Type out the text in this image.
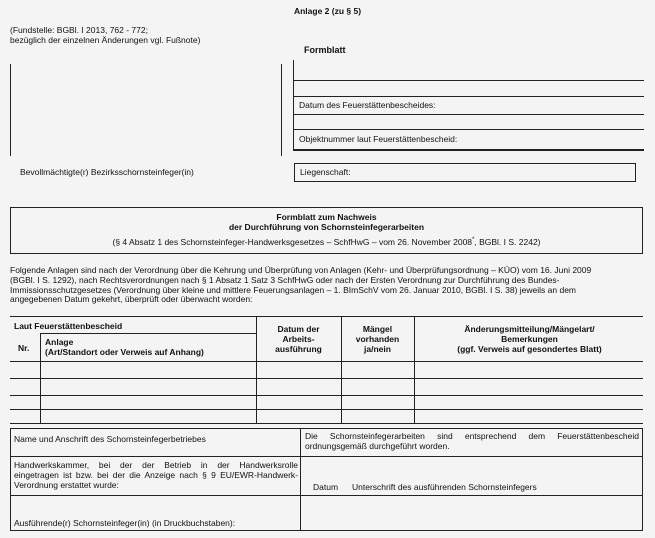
Anlage 2 (zu § 5)
(Fundstelle: BGBl. I 2013, 762 - 772;
bezüglich der einzelnen Änderungen vgl. Fußnote)
Formblatt
Datum des Feuerstättenbescheides:
Objektnummer laut Feuerstättenbescheid:
Liegenschaft:
Bevollmächtigte(r) Bezirksschornsteinfeger(in)
Formblatt zum Nachweis
der Durchführung von Schornsteinfegerarbeiten
(§ 4 Absatz 1 des Schornsteinfeger-Handwerksgesetzes – SchfHwG – vom 26. November 2008*, BGBl. I S. 2242)
Folgende Anlagen sind nach der Verordnung über die Kehrung und Überprüfung von Anlagen (Kehr- und Überprüfungsordnung – KÜO) vom 16. Juni 2009
(BGBl. I S. 1292), nach Rechtsverordnungen nach § 1 Absatz 1 Satz 3 SchfHwG oder nach der Ersten Verordnung zur Durchführung des Bundes-
Immissionsschutzgesetzes (Verordnung über kleine und mittlere Feuerungsanlagen – 1. BImSchV vom 26. Januar 2010, BGBl. I S. 38) jeweils an dem
angegebenen Datum gekehrt, überprüft oder überwacht worden:
Laut Feuerstättenbescheid
Nr.
Anlage
(Art/Standort oder Verweis auf Anhang)
Datum der
Arbeits-
ausführung
Mängel
vorhanden
ja/nein
Änderungsmitteilung/Mängelart/
Bemerkungen
(ggf. Verweis auf gesondertes Blatt)
Name und Anschrift des Schornsteinfegerbetriebes	Die Schornsteinfegerarbeiten sind entsprechend dem Feuerstättenbescheid
ordnungsgemäß durchgeführt worden.
Handwerkskammer, bei der der Betrieb in der Handwerksrolle
eingetragen ist bzw. bei der die Anzeige nach § 9 EU/EWR-Handwerk-
Verordnung erstattet wurde:	Datum Unterschrift des ausführenden Schornsteinfegers
Ausführende(r) Schornsteinfeger(in) (in Druckbuchstaben):
